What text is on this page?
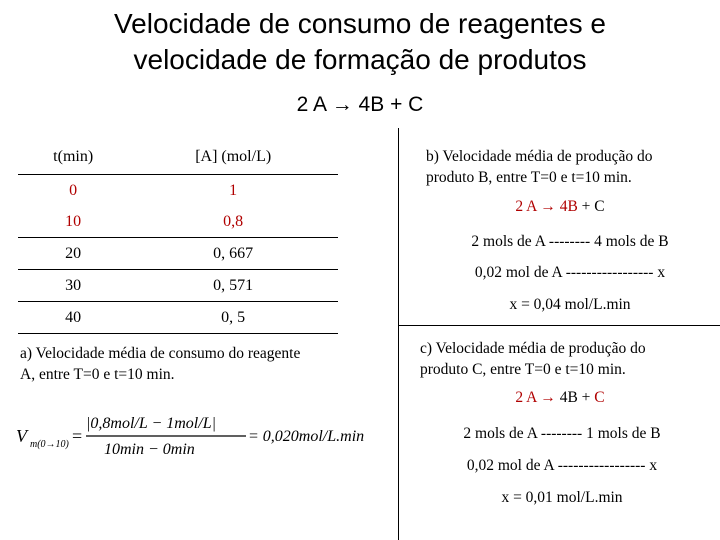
Velocidade de consumo de reagentes e
velocidade de formação de produtos
2 A → 4B + C
t(min)	[A] (mol/L)
0	1
10	0,8
20	0, 667
30	0, 571
40	0, 5
a) Velocidade média de consumo do reagente
A, entre T=0 e t=10 min.
V m(0→10) =
|0,8mol/L − 1mol/L|
10min − 0min
= 0,020mol/L.min
b) Velocidade média de produção do
produto B, entre T=0 e t=10 min.
2 A → 4B + C
2 mols de A -------- 4 mols de B
0,02 mol de A ----------------- x
x = 0,04 mol/L.min
c) Velocidade média de produção do
produto C, entre T=0 e t=10 min.
2 A → 4B + C
2 mols de A -------- 1 mols de B
0,02 mol de A ----------------- x
x = 0,01 mol/L.min
